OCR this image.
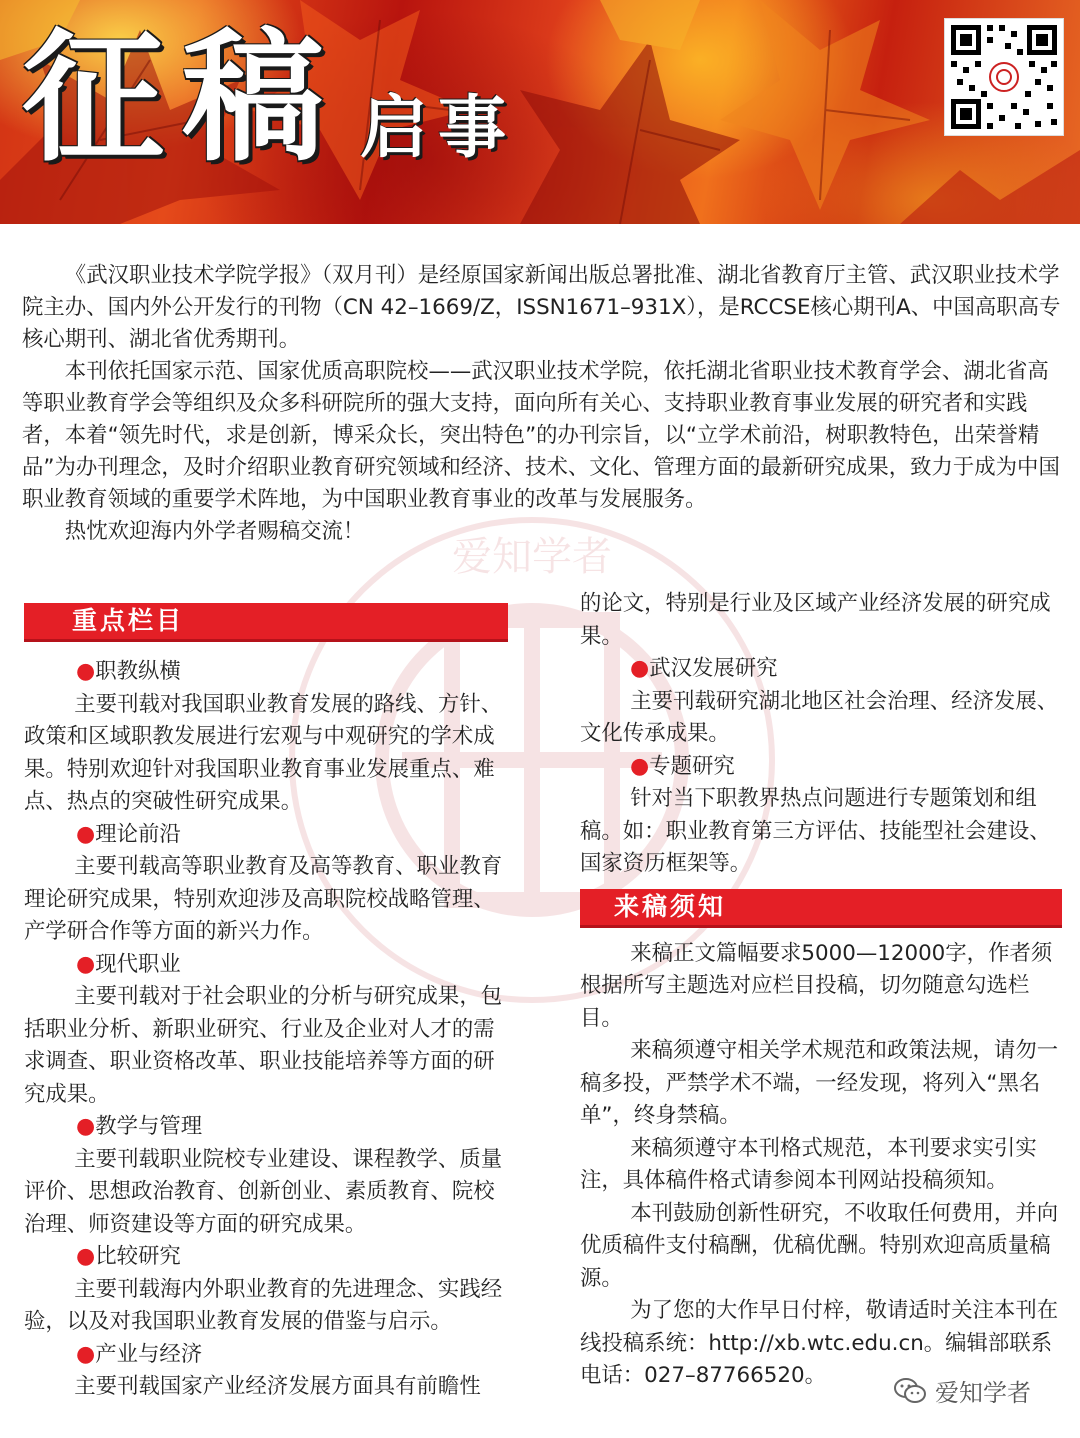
征稿 启事
爱知学者

《武汉职业技术学院学报》（双月刊）是经原国家新闻出版总署批准、湖北省教育厅主管、武汉职业技术学院主办、国内外公开发行的刊物（CN 42–1669/Z，ISSN1671–931X），是RCCSE核心期刊A、中国高职高专核心期刊、湖北省优秀期刊。

本刊依托国家示范、国家优质高职院校——武汉职业技术学院，依托湖北省职业技术教育学会、湖北省高等职业教育学会等组织及众多科研院所的强大支持，面向所有关心、支持职业教育事业发展的研究者和实践者，本着“领先时代，求是创新，博采众长，突出特色”的办刊宗旨，以“立学术前沿，树职教特色，出荣誉精品”为办刊理念，及时介绍职业教育研究领域和经济、技术、文化、管理方面的最新研究成果，致力于成为中国职业教育领域的重要学术阵地，为中国职业教育事业的改革与发展服务。

热忱欢迎海内外学者赐稿交流！

重点栏目
●职教纵横

主要刊载对我国职业教育发展的路线、方针、政策和区域职教发展进行宏观与中观研究的学术成果。特别欢迎针对我国职业教育事业发展重点、难点、热点的突破性研究成果。

●理论前沿

主要刊载高等职业教育及高等教育、职业教育理论研究成果，特别欢迎涉及高职院校战略管理、产学研合作等方面的新兴力作。

●现代职业

主要刊载对于社会职业的分析与研究成果，包括职业分析、新职业研究、行业及企业对人才的需求调查、职业资格改革、职业技能培养等方面的研究成果。

●教学与管理

主要刊载职业院校专业建设、课程教学、质量评价、思想政治教育、创新创业、素质教育、院校治理、师资建设等方面的研究成果。

●比较研究

主要刊载海内外职业教育的先进理念、实践经验，以及对我国职业教育发展的借鉴与启示。

●产业与经济

主要刊载国家产业经济发展方面具有前瞻性

的论文，特别是行业及区域产业经济发展的研究成果。

●武汉发展研究

主要刊载研究湖北地区社会治理、经济发展、文化传承成果。

●专题研究

针对当下职教界热点问题进行专题策划和组稿。如：职业教育第三方评估、技能型社会建设、国家资历框架等。

来稿须知

来稿正文篇幅要求5000—12000字，作者须根据所写主题选对应栏目投稿，切勿随意勾选栏目。

来稿须遵守相关学术规范和政策法规，请勿一稿多投，严禁学术不端，一经发现，将列入“黑名单”，终身禁稿。

来稿须遵守本刊格式规范，本刊要求实引实注，具体稿件格式请参阅本刊网站投稿须知。

本刊鼓励创新性研究，不收取任何费用，并向优质稿件支付稿酬，优稿优酬。特别欢迎高质量稿源。

为了您的大作早日付梓，敬请适时关注本刊在线投稿系统：http://xb.wtc.edu.cn。编辑部联系电话：027–87766520。

爱知学者
